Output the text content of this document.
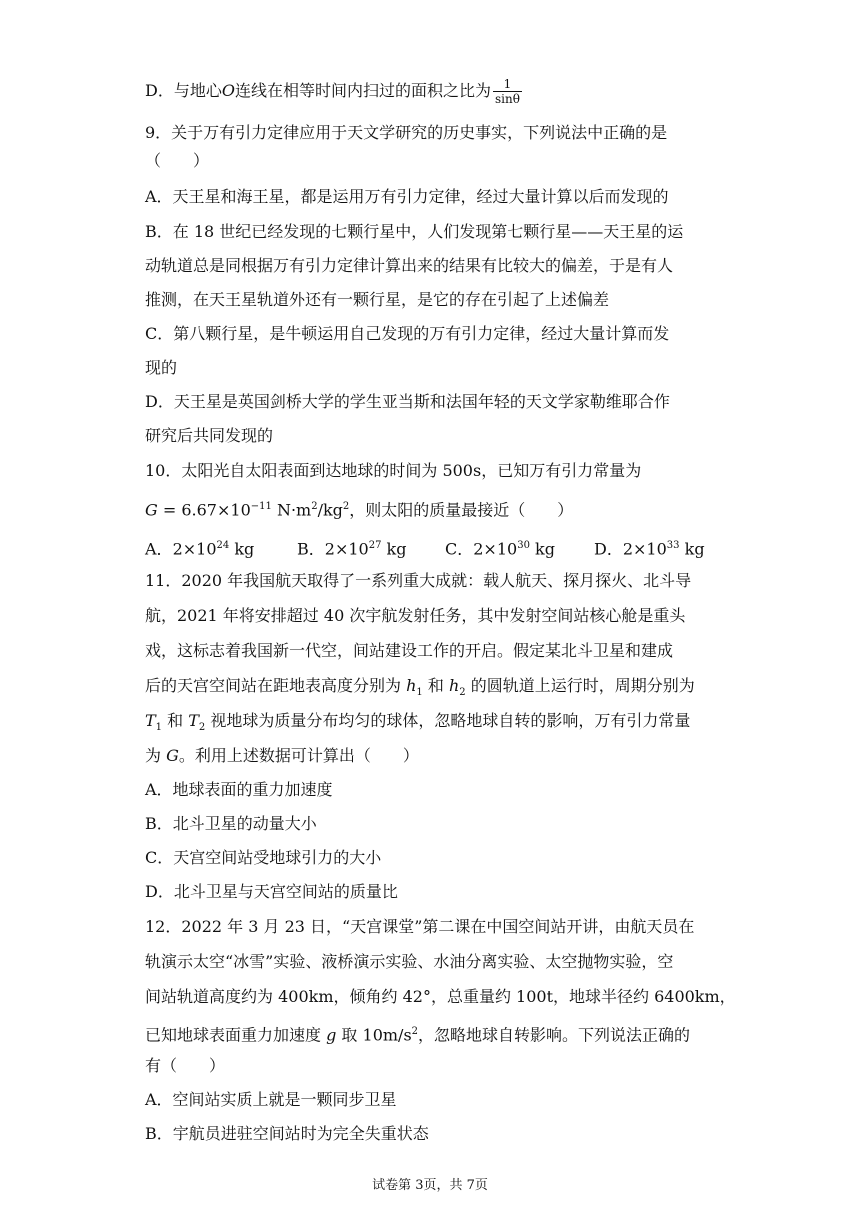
D．与地心O连线在相等时间内扫过的面积之比为 $\frac{1}{\sin\theta}$
9．关于万有引力定律应用于天文学研究的历史事实，下列说法中正确的是
（　　）
A．天王星和海王星，都是运用万有引力定律，经过大量计算以后而发现的
B．在 18 世纪已经发现的七颗行星中，人们发现第七颗行星——天王星的运
动轨道总是同根据万有引力定律计算出来的结果有比较大的偏差，于是有人
推测，在天王星轨道外还有一颗行星，是它的存在引起了上述偏差
C．第八颗行星，是牛顿运用自己发现的万有引力定律，经过大量计算而发
现的
D．天王星是英国剑桥大学的学生亚当斯和法国年轻的天文学家勒维耶合作
研究后共同发现的
10．太阳光自太阳表面到达地球的时间为 500s，已知万有引力常量为
$G = 6.67\times 10^{-11}$ $N\cdot m^2/kg^2$，则太阳的质量最接近（　　）
A．$2\times 10^{24}$ kg	B．$2\times 10^{27}$ kg C．$2\times 10^{30}$ kg D．$2\times 10^{33}$ kg
11．2020 年我国航天取得了一系列重大成就：载人航天、探月探火、北斗导
航，2021 年将安排超过 40 次宇航发射任务，其中发射空间站核心舱是重头
戏，这标志着我国新一代空，间站建设工作的开启。假定某北斗卫星和建成
后的天宫空间站在距地表高度分别为 $h_1$ 和 $h_2$ 的圆轨道上运行时，周期分别为
$T_1$ 和 $T_2$ 视地球为质量分布均匀的球体，忽略地球自转的影响，万有引力常量
为 G。利用上述数据可计算出（　　）
A．地球表面的重力加速度
B．北斗卫星的动量大小
C．天宫空间站受地球引力的大小
D．北斗卫星与天宫空间站的质量比
12．2022 年 3 月 23 日，“天宫课堂”第二课在中国空间站开讲，由航天员在
轨演示太空“冰雪”实验、液桥演示实验、水油分离实验、太空抛物实验，空
间站轨道高度约为 400km，倾角约 42°，总重量约 100t，地球半径约 6400km，
已知地球表面重力加速度 g 取 $10m/s^2$，忽略地球自转影响。下列说法正确的
有（　　）
A．空间站实质上就是一颗同步卫星
B．宇航员进驻空间站时为完全失重状态
试卷第 3页，共 7页
